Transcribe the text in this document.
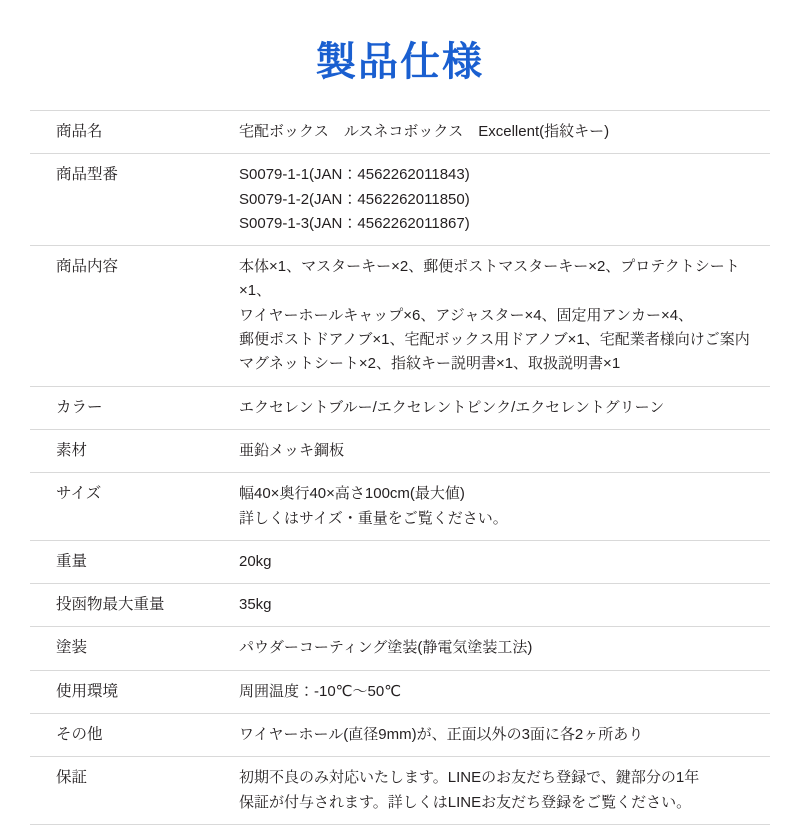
製品仕様
商品名	宅配ボックス　ルスネコボックス　Excellent(指紋キー)

商品型番	S0079-1-1(JAN：4562262011843)
S0079-1-2(JAN：4562262011850)
S0079-1-3(JAN：4562262011867)

商品内容	本体×1、マスターキー×2、郵便ポストマスターキー×2、プロテクトシート×1、
ワイヤーホールキャップ×6、アジャスター×4、固定用アンカー×4、
郵便ポストドアノブ×1、宅配ボックス用ドアノブ×1、宅配業者様向けご案内
マグネットシート×2、指紋キー説明書×1、取扱説明書×1

カラー	エクセレントブルー/エクセレントピンク/エクセレントグリーン

素材	亜鉛メッキ鋼板

サイズ	幅40×奥行40×高さ100cm(最大値)
詳しくはサイズ・重量をご覧ください。

重量	20kg

投函物最大重量	35kg

塗装	パウダーコーティング塗装(静電気塗装工法)

使用環境	周囲温度：-10℃～50℃

その他	ワイヤーホール(直径9mm)が、正面以外の3面に各2ヶ所あり

保証	初期不良のみ対応いたします。LINEのお友だち登録で、鍵部分の1年
保証が付与されます。詳しくはLINEお友だち登録をご覧ください。
